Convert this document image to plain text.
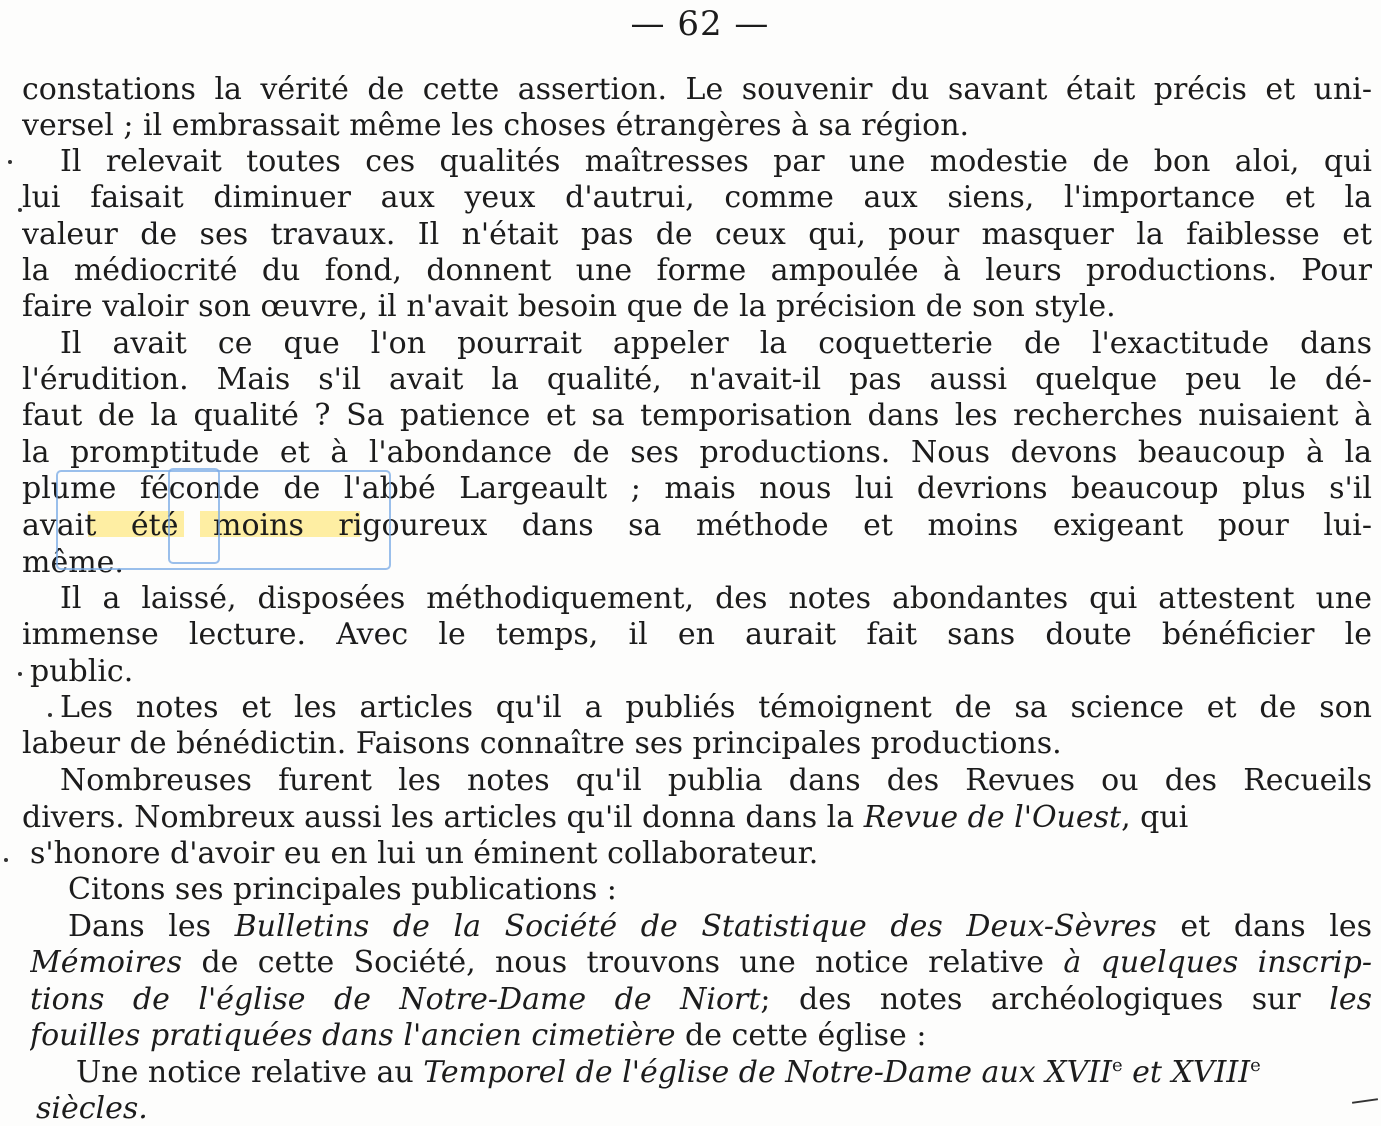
— 62 —
constations la vérité de cette assertion. Le souvenir du savant était précis et uni-
versel ; il embrassait même les choses étrangères à sa région.
Il relevait toutes ces qualités maîtresses par une modestie de bon aloi, qui
lui faisait diminuer aux yeux d'autrui, comme aux siens, l'importance et la
valeur de ses travaux. Il n'était pas de ceux qui, pour masquer la faiblesse et
la médiocrité du fond, donnent une forme ampoulée à leurs productions. Pour
faire valoir son œuvre, il n'avait besoin que de la précision de son style.
Il avait ce que l'on pourrait appeler la coquetterie de l'exactitude dans
l'érudition. Mais s'il avait la qualité, n'avait-il pas aussi quelque peu le dé-
faut de la qualité ? Sa patience et sa temporisation dans les recherches nuisaient à
la promptitude et à l'abondance de ses productions. Nous devons beaucoup à la
plume féconde de l'abbé Largeault ; mais nous lui devrions beaucoup plus s'il
avait été moins rigoureux dans sa méthode et moins exigeant pour lui-
même.
Il a laissé, disposées méthodiquement, des notes abondantes qui attestent une
immense lecture. Avec le temps, il en aurait fait sans doute bénéficier le
public.
Les notes et les articles qu'il a publiés témoignent de sa science et de son
labeur de bénédictin. Faisons connaître ses principales productions.
Nombreuses furent les notes qu'il publia dans des Revues ou des Recueils
divers. Nombreux aussi les articles qu'il donna dans la Revue de l'Ouest, qui
s'honore d'avoir eu en lui un éminent collaborateur.
Citons ses principales publications :
Dans les Bulletins de la Société de Statistique des Deux-Sèvres et dans les
Mémoires de cette Société, nous trouvons une notice relative à quelques inscrip-
tions de l'église de Notre-Dame de Niort; des notes archéologiques sur les
fouilles pratiquées dans l'ancien cimetière de cette église :
Une notice relative au Temporel de l'église de Notre-Dame aux XVIIe et XVIIIe
siècles.
